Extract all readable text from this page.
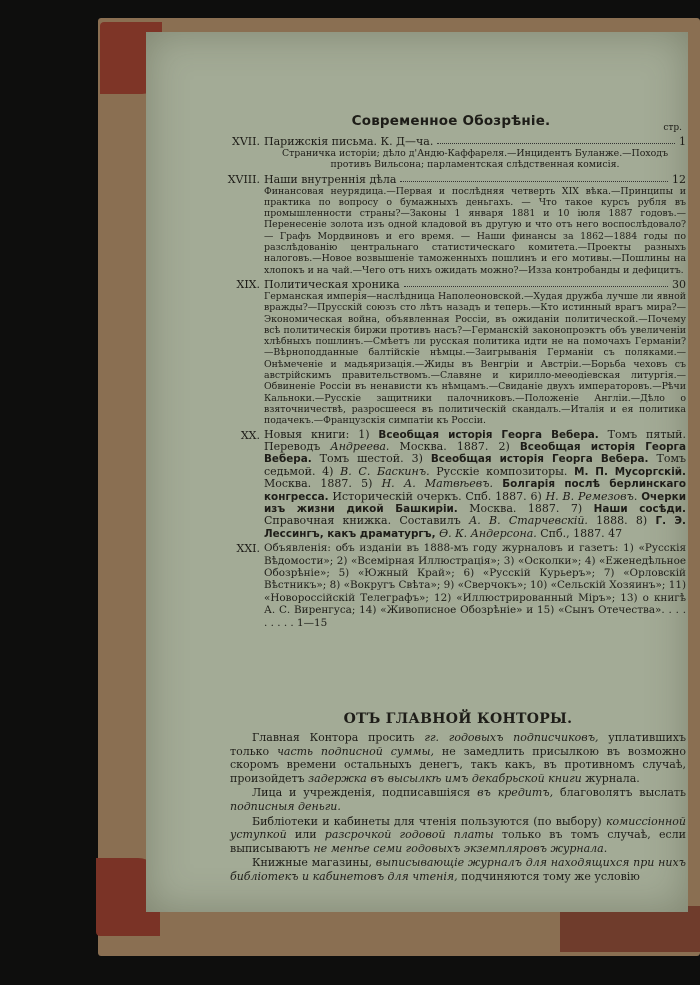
Современное Обозрѣніе.	стр.
XVII. Парижскія письма. К. Д—ча.	1
Страничка исторіи; дѣло д'Андю-Каффареля.—Инцидентъ Буланже.—Походъ противъ Вильсона; парламентская слѣдственная комисія.
XVIII. Наши внутреннія дѣла	12
Финансовая неурядица.—Первая и послѣдняя четверть XIX вѣка.—Принципы и практика по вопросу о бумажныхъ деньгахъ. — Что такое курсъ рубля въ промышленности страны?—Законы 1 января 1881 и 10 іюля 1887 годовъ.—Перенесеніе золота изъ одной кладовой въ другую и что отъ него воспослѣдовало? — Графъ Мордвиновъ и его время. — Наши финансы за 1862—1884 годы по разслѣдованію центральнаго статистическаго комитета.—Проекты разныхъ налоговъ.—Новое возвышеніе таможенныхъ пошлинъ и его мотивы.—Пошлины на хлопокъ и на чай.—Чего отъ нихъ ожидать можно?—Изза контробанды и дефицитъ.
XIX. Политическая хроника	30
Германская имперія—наслѣдница Наполеоновской.—Худая дружба лучше ли явной вражды?—Прусскій союзъ сто лѣтъ назадъ и теперь.—Кто истинный врагъ мира?—Экономическая война, объявленная Россіи, въ ожиданіи политической.—Почему всѣ политическія биржи противъ насъ?—Германскій законопроэктъ объ увеличеніи хлѣбныхъ пошлинъ.—Смѣетъ ли русская политика идти не на помочахъ Германіи?—Вѣрноподданные балтійскіе нѣмцы.—Заигрыванія Германіи съ поляками.—Онѣмеченіе и мадьяризація.—Жиды въ Венгріи и Австріи.—Борьба чеховъ съ австрійскимъ правительствомъ.—Славяне и кирилло-меѳодіевская литургія.—Обвиненіе Россіи въ ненависти къ нѣмцамъ.—Свиданіе двухъ императоровъ.—Рѣчи Кальноки.—Русскіе защитники палочниковъ.—Положеніе Англіи.—Дѣло о взяточничествѣ, разросшееся въ политическій скандалъ.—Италія и ея политика подачекъ.—Французскія симпатіи къ Россіи.
XX. Новыя книги: 1) Всеобщая исторія Георга Вебера. Томъ пятый. Переводъ Андреева. Москва. 1887. 2) Всеобщая исторія Георга Вебера. Томъ шестой. 3) Всеобщая исторія Георга Вебера. Томъ седьмой. 4) В. С. Баскинъ. Русскіе композиторы. М. П. Мусоргскій. Москва. 1887. 5) Н. А. Матвѣевъ. Болгарія послѣ берлинскаго конгресса. Историческій очеркъ. Спб. 1887. 6) Н. В. Ремезовъ. Очерки изъ жизни дикой Башкиріи. Москва. 1887. 7) Наши сосѣди. Справочная книжка. Составилъ А. В. Старчевскій. 1888. 8) Г. Э. Лессингъ, какъ драматургъ, Ѳ. К. Андерсона. Спб., 1887. 47
XXI. Объявленія: объ изданіи въ 1888-мъ году журналовъ и газетъ: 1) «Русскія Вѣдомости»; 2) «Всемірная Иллюстрація»; 3) «Осколки»; 4) «Еженедѣльное Обозрѣніе»; 5) «Южный Край»; 6) «Русскій Курьеръ»; 7) «Орловскій Вѣстникъ»; 8) «Вокругъ Свѣта»; 9) «Сверчокъ»; 10) «Сельскій Хозяинъ»; 11) «Новороссійскій Телеграфъ»; 12) «Иллюстрированный Міръ»; 13) о книгѣ А. С. Виренгуса; 14) «Живописное Обозрѣніе» и 15) «Сынъ Отечества». . . . . . . . . 1—15
ОТЪ ГЛАВНОЙ КОНТОРЫ.

Главная Контора просить гг. годовыхъ подписчиковъ, уплатившихъ только часть подписной суммы, не замедлить присылкою въ возможно скоромъ времени остальныхъ денегъ, такъ какъ, въ противномъ случаѣ, произойдетъ задержка въ высылкѣ имъ декабрьской книги журнала.

Лица и учрежденія, подписавшіяся въ кредитъ, благоволятъ выслать подписныя деньги.

Библіотеки и кабинеты для чтенія пользуются (по выбору) комиссіонной уступкой или разсрочкой годовой платы только въ томъ случаѣ, если выписываютъ не менѣе семи годовыхъ экземпляровъ журнала.

Книжные магазины, выписывающіе журналъ для находящихся при нихъ библіотекъ и кабинетовъ для чтенія, подчиняются тому же условію
